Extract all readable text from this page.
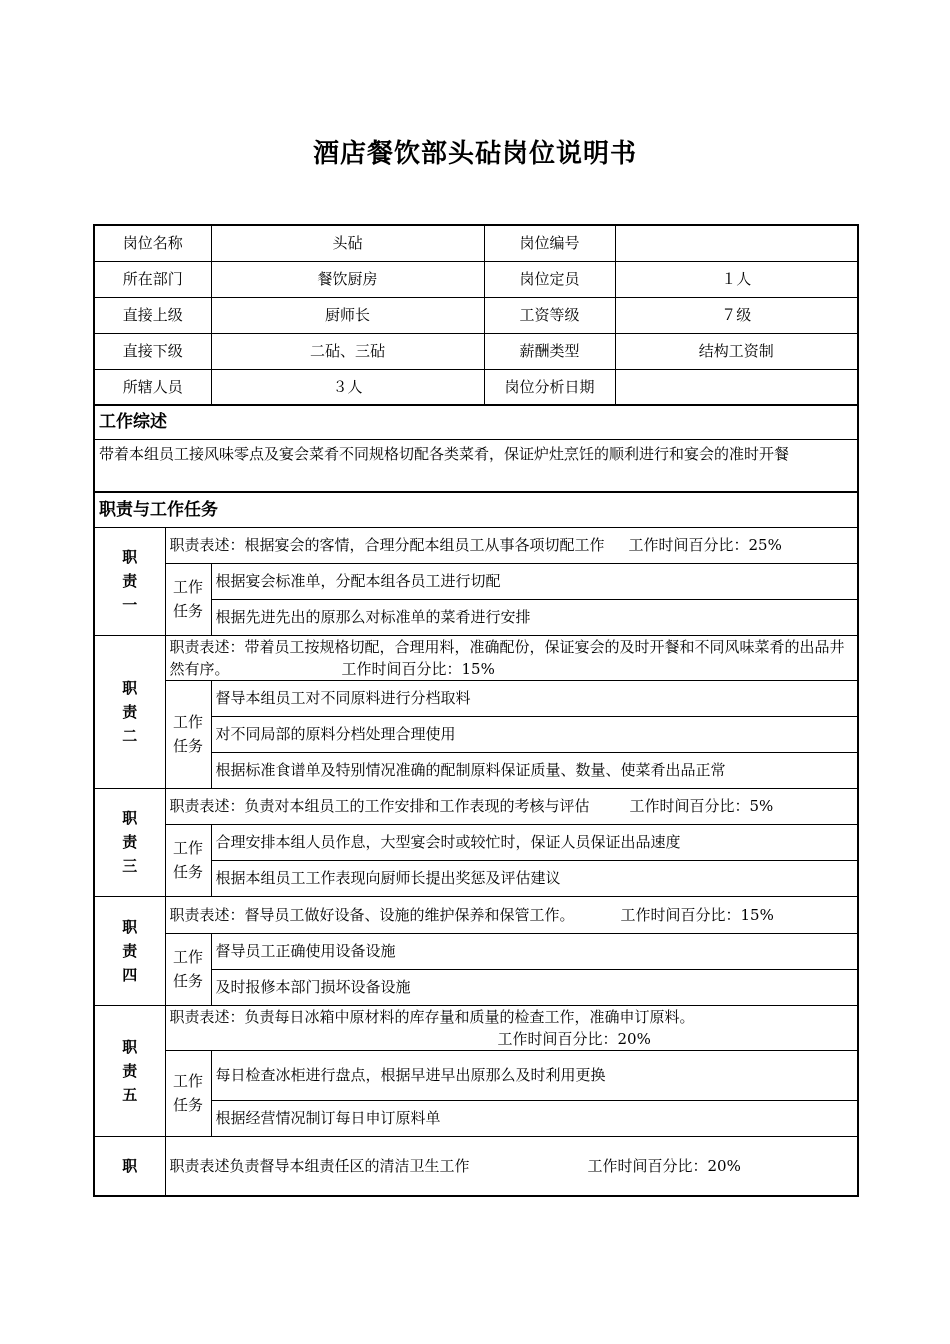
酒店餐饮部头砧岗位说明书
岗位名称		头砧	岗位编号	
所在部门		餐饮厨房	岗位定员	１人
直接上级		厨师长	工资等级	７级
直接下级		二砧、三砧	薪酬类型	结构工资制
所辖人员		３人	岗位分析日期	
工作综述				
带着本组员工接风味零点及宴会菜肴不同规格切配各类菜肴，保证炉灶烹饪的顺利进行和宴会的准时开餐				
职责与工作任务				
职
责
一	职责表述：根据宴会的客情，合理分配本组员工从事各项切配工作 工作时间百分比：25%			
	工作
任务	根据宴会标准单，分配本组各员工进行切配		
		根据先进先出的原那么对标准单的菜肴进行安排		
职
责
二	职责表述：带着员工按规格切配，合理用料，准确配份，保证宴会的及时开餐和不同风味菜肴的出品井然有序。 工作时间百分比：15%			
	工作
任务	督导本组员工对不同原料进行分档取料		
		对不同局部的原料分档处理合理使用		
		根据标准食谱单及特别情况准确的配制原料保证质量、数量、使菜肴出品正常		
职
责
三	职责表述：负责对本组员工的工作安排和工作表现的考核与评估 工作时间百分比：5%			
	工作
任务	合理安排本组人员作息，大型宴会时或较忙时，保证人员保证出品速度		
		根据本组员工工作表现向厨师长提出奖惩及评估建议		
职
责
四	职责表述：督导员工做好设备、设施的维护保养和保管工作。 工作时间百分比：15%			
	工作
任务	督导员工正确使用设备设施		
		及时报修本部门损坏设备设施		
职
责
五	职责表述：负责每日冰箱中原材料的库存量和质量的检查工作，准确申订原料。
工作时间百分比：20%			
	工作
任务	每日检查冰柜进行盘点，根据早进早出原那么及时利用更换		
		根据经营情况制订每日申订原料单		
职	职责表述负责督导本组责任区的清洁卫生工作 工作时间百分比：20%			
